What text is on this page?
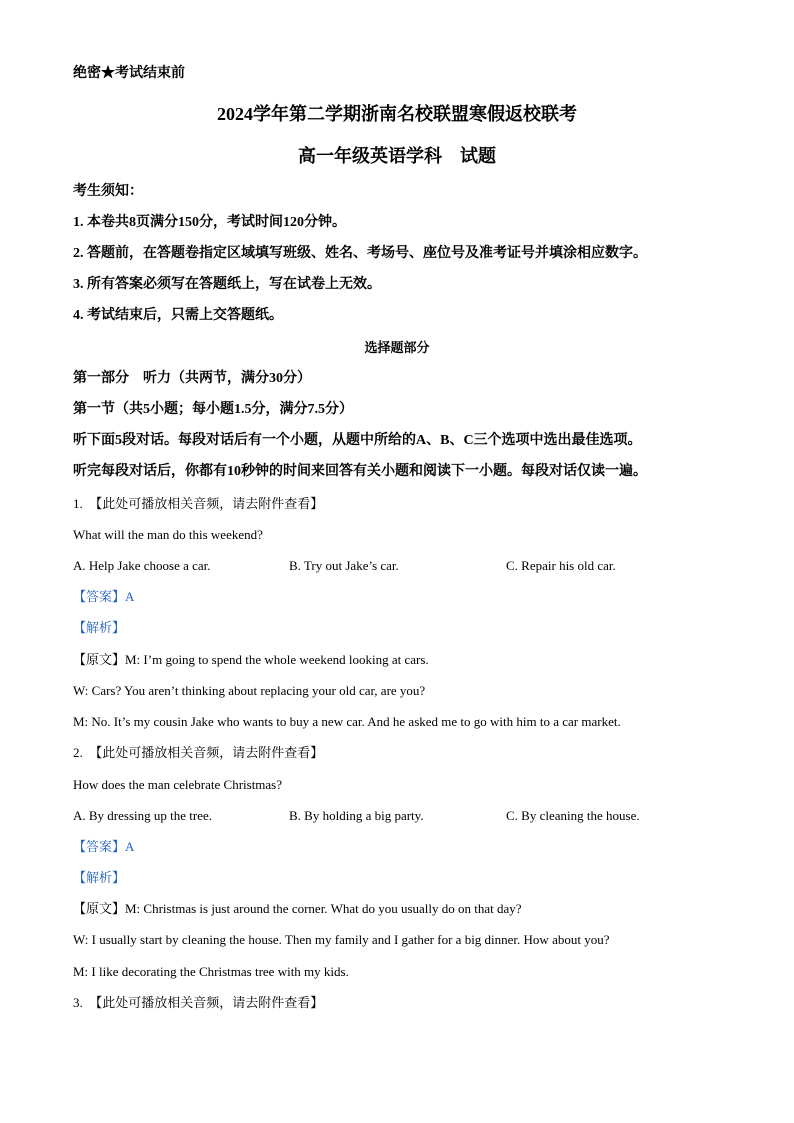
绝密★考试结束前
2024学年第二学期浙南名校联盟寒假返校联考
高一年级英语学科　试题
考生须知：
1. 本卷共8页满分150分，考试时间120分钟。
2. 答题前，在答题卷指定区域填写班级、姓名、考场号、座位号及准考证号并填涂相应数字。
3. 所有答案必须写在答题纸上，写在试卷上无效。
4. 考试结束后，只需上交答题纸。
选择题部分
第一部分　听力（共两节，满分30分）
第一节（共5小题；每小题1.5分，满分7.5分）
听下面5段对话。每段对话后有一个小题，从题中所给的A、B、C三个选项中选出最佳选项。
听完每段对话后，你都有10秒钟的时间来回答有关小题和阅读下一小题。每段对话仅读一遍。
1.　【此处可播放相关音频，请去附件查看】
What will the man do this weekend?
A. Help Jake choose a car.	B. Try out Jake’s car.	C. Repair his old car.
【答案】A
【解析】
【原文】M: I’m going to spend the whole weekend looking at cars.
W: Cars? You aren’t thinking about replacing your old car, are you?
M: No. It’s my cousin Jake who wants to buy a new car. And he asked me to go with him to a car market.
2.　【此处可播放相关音频，请去附件查看】
How does the man celebrate Christmas?
A. By dressing up the tree.	B. By holding a big party.	C. By cleaning the house.
【答案】A
【解析】
【原文】M: Christmas is just around the corner. What do you usually do on that day?
W: I usually start by cleaning the house. Then my family and I gather for a big dinner. How about you?
M: I like decorating the Christmas tree with my kids.
3.　【此处可播放相关音频，请去附件查看】
